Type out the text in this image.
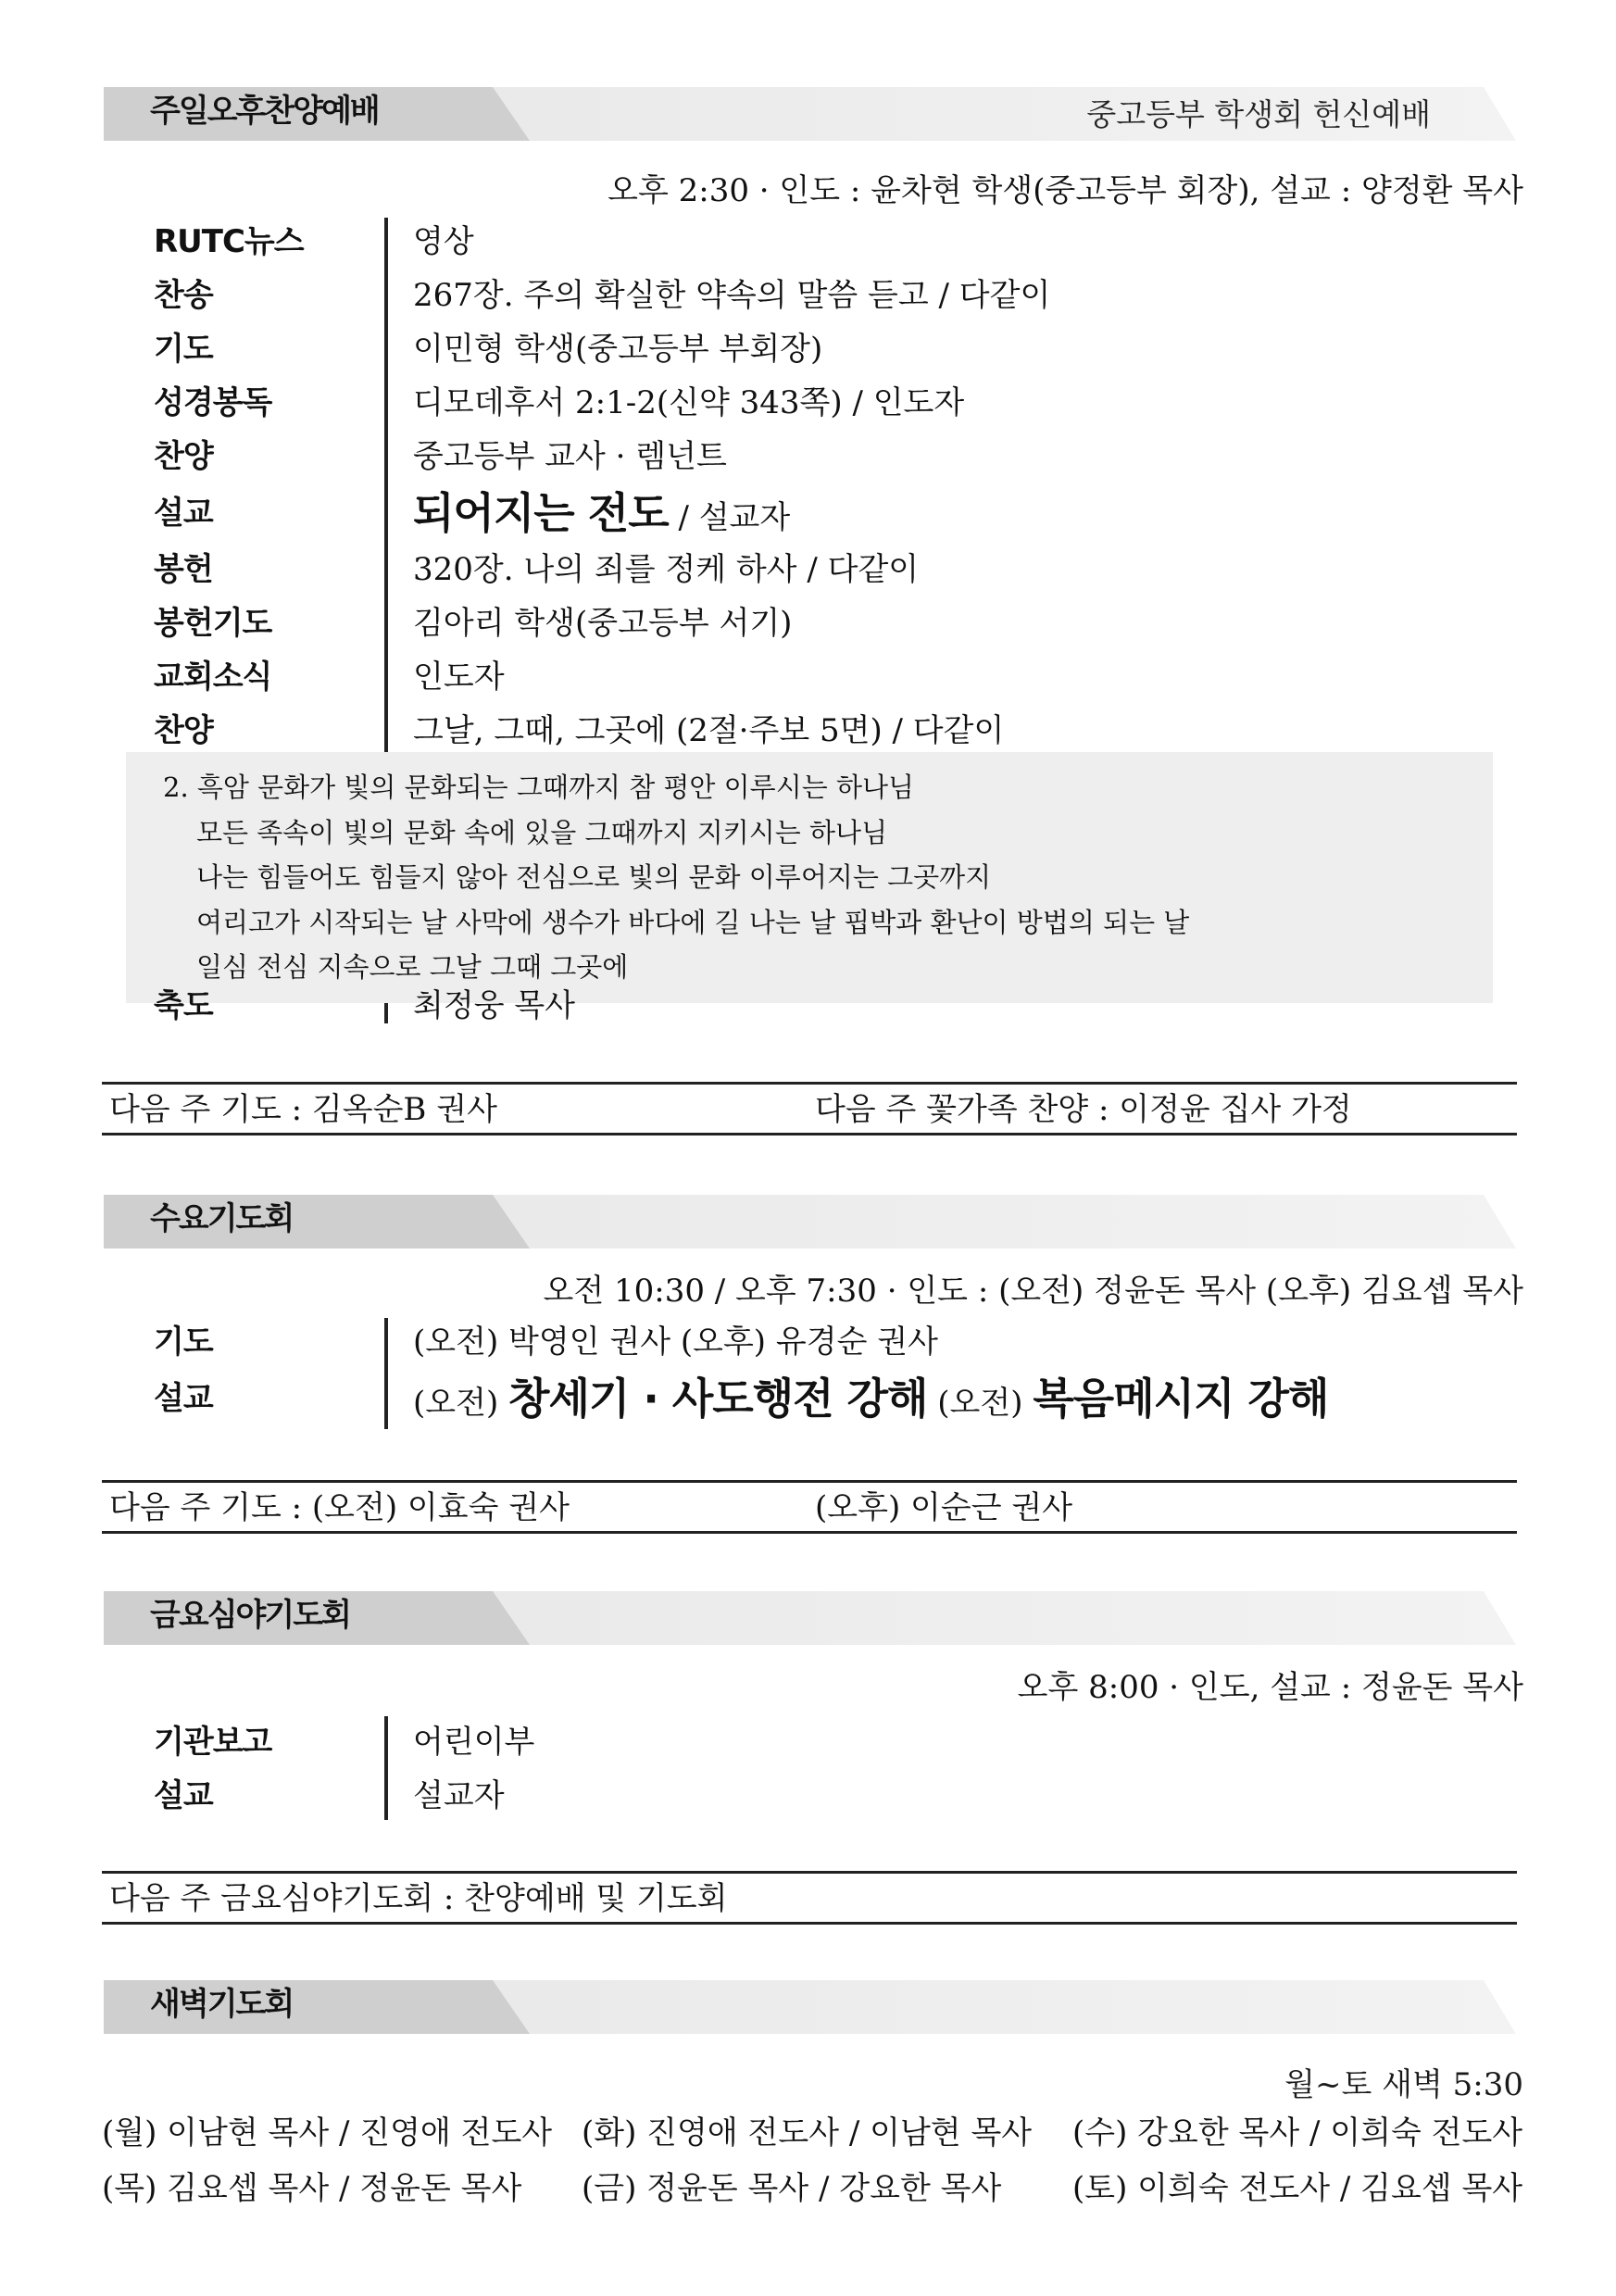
주일오후찬양예배	중고등부 학생회 헌신예배
오후 2:30 · 인도 : 윤차현 학생(중고등부 회장), 설교 : 양정환 목사
RUTC뉴스	영상
찬송	267장. 주의 확실한 약속의 말씀 듣고 / 다같이
기도	이민형 학생(중고등부 부회장)
성경봉독	디모데후서 2:1-2(신약 343쪽) / 인도자
찬양	중고등부 교사 · 렘넌트
설교	되어지는 전도 / 설교자
봉헌	320장. 나의 죄를 정케 하사 / 다같이
봉헌기도	김아리 학생(중고등부 서기)
교회소식	인도자
찬양	그날, 그때, 그곳에 (2절·주보 5면) / 다같이
2. 흑암 문화가 빛의 문화되는 그때까지 참 평안 이루시는 하나님
모든 족속이 빛의 문화 속에 있을 그때까지 지키시는 하나님
나는 힘들어도 힘들지 않아 전심으로 빛의 문화 이루어지는 그곳까지
여리고가 시작되는 날 사막에 생수가 바다에 길 나는 날 핍박과 환난이 방법의 되는 날
일심 전심 지속으로 그날 그때 그곳에
축도	최정웅 목사
다음 주 기도 : 김옥순B 권사	다음 주 꽃가족 찬양 : 이정윤 집사 가정
수요기도회
오전 10:30 / 오후 7:30 · 인도 : (오전) 정윤돈 목사 (오후) 김요셉 목사
기도	(오전) 박영인 권사 (오후) 유경순 권사
설교	(오전) 창세기 · 사도행전 강해 (오전) 복음메시지 강해
다음 주 기도 : (오전) 이효숙 권사	(오후) 이순근 권사
금요심야기도회
오후 8:00 · 인도, 설교 : 정윤돈 목사
기관보고	어린이부
설교	설교자
다음 주 금요심야기도회 : 찬양예배 및 기도회
새벽기도회
월~토 새벽 5:30
(월) 이남현 목사 / 진영애 전도사 (화) 진영애 전도사 / 이남현 목사 (수) 강요한 목사 / 이희숙 전도사
(목) 김요셉 목사 / 정윤돈 목사 (금) 정윤돈 목사 / 강요한 목사 (토) 이희숙 전도사 / 김요셉 목사
